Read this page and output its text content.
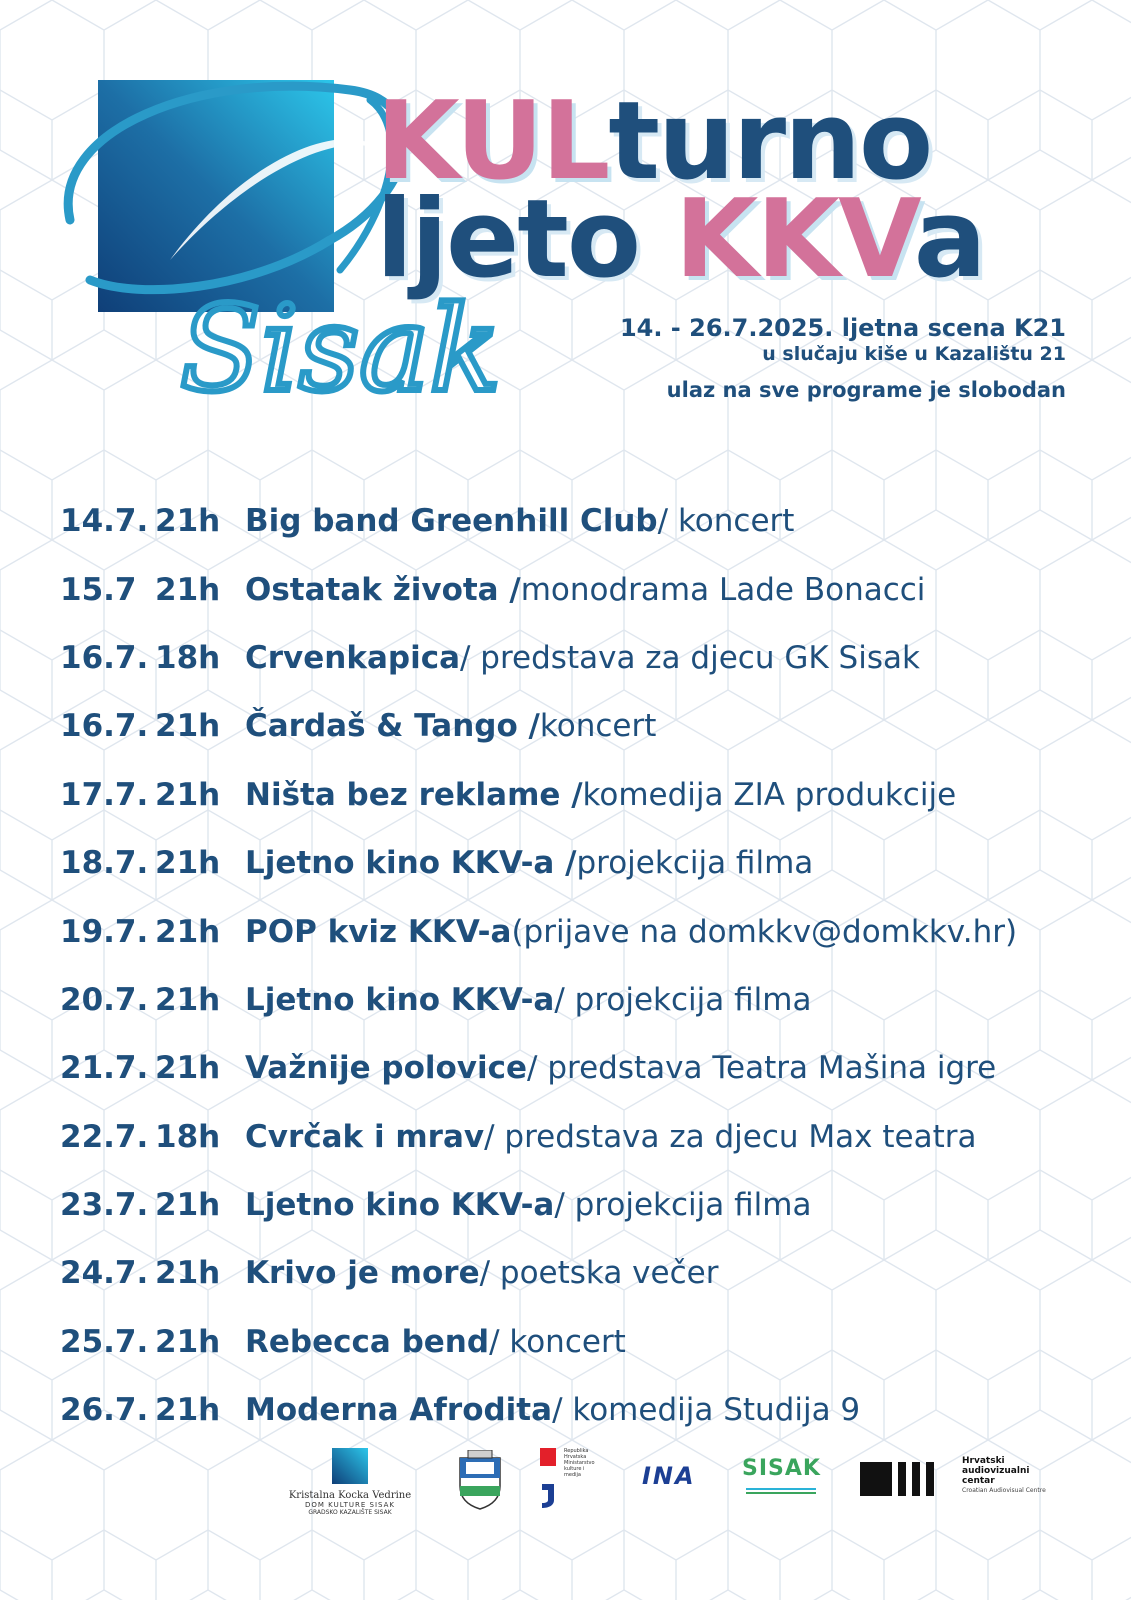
Sisak
KULturno
ljeto KKVa
14. - 26.7.2025. ljetna scena K21
u slučaju kiše u Kazalištu 21
ulaz na sve programe je slobodan
14.7. 21h Big band Greenhill Club / koncert
15.7 21h Ostatak života / monodrama Lade Bonacci
16.7. 18h Crvenkapica / predstava za djecu GK Sisak
16.7. 21h Čardaš & Tango / koncert
17.7. 21h Ništa bez reklame / komedija ZIA produkcije
18.7. 21h Ljetno kino KKV-a / projekcija filma
19.7. 21h POP kviz KKV-a (prijave na domkkv@domkkv.hr)
20.7. 21h Ljetno kino KKV-a / projekcija filma
21.7. 21h Važnije polovice / predstava Teatra Mašina igre
22.7. 18h Cvrčak i mrav / predstava za djecu Max teatra
23.7. 21h Ljetno kino KKV-a / projekcija filma
24.7. 21h Krivo je more / poetska večer
25.7. 21h Rebecca bend / koncert
26.7. 21h Moderna Afrodita / komedija Studija 9
Kristalna Kocka Vedrine
DOM KULTURE SISAK
GRADSKO KAZALIŠTE SISAK
Republika Hrvatska Ministarstvo kulture i medija	INA SISAK	Hrvatski
audiovizualni
centar
Croatian Audiovisual Centre
